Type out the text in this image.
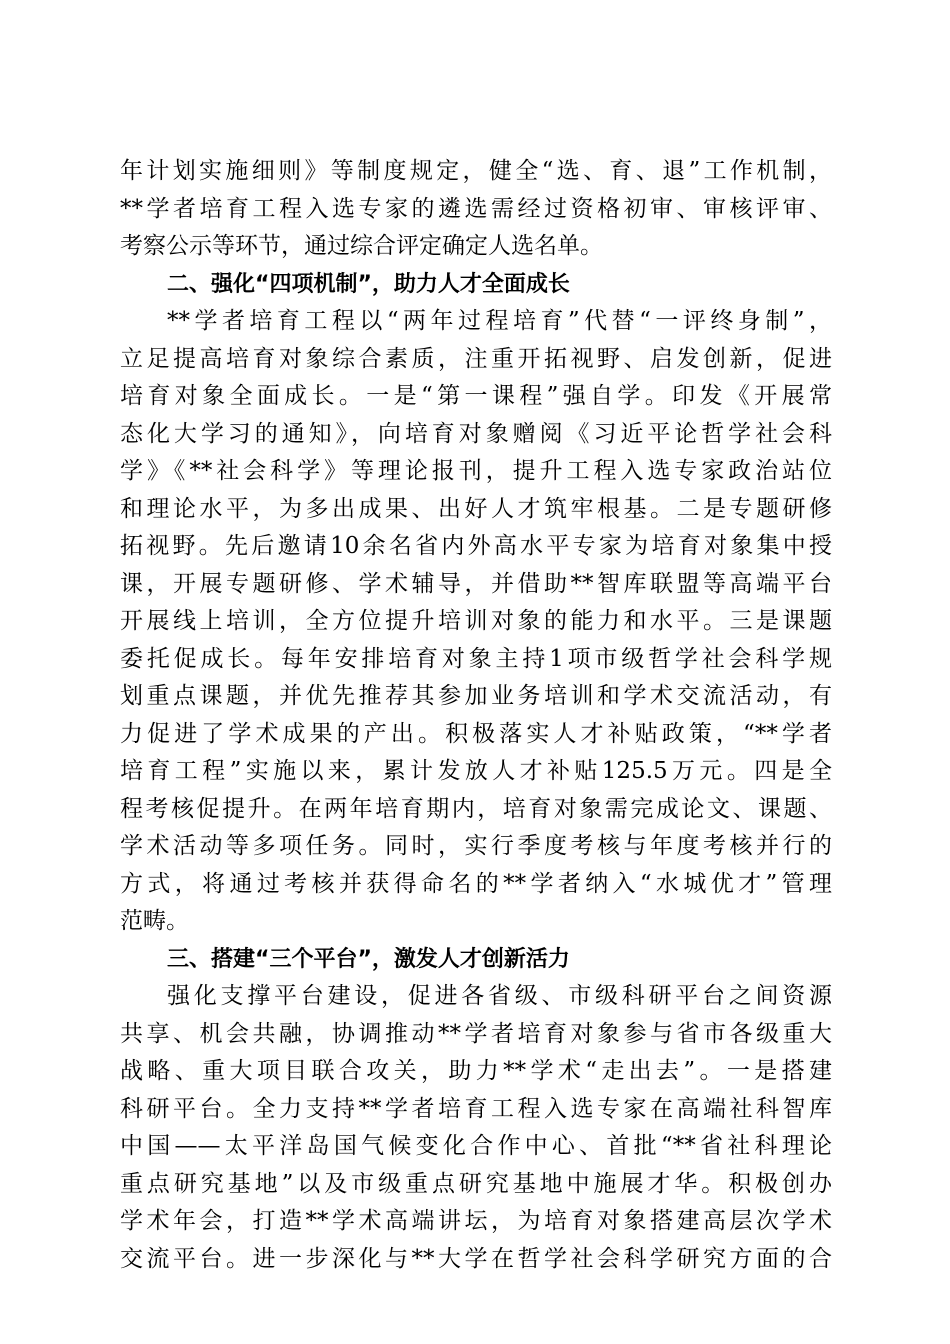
年计划实施细则》等制度规定，健全“选、育、退”工作机制，
**学者培育工程入选专家的遴选需经过资格初审、审核评审、
考察公示等环节，通过综合评定确定人选名单。
二、强化“四项机制”，助力人才全面成长
**学者培育工程以“两年过程培育”代替“一评终身制”，
立足提高培育对象综合素质，注重开拓视野、启发创新，促进
培育对象全面成长。一是“第一课程”强自学。印发《开展常
态化大学习的通知》，向培育对象赠阅《习近平论哲学社会科
学》《**社会科学》等理论报刊，提升工程入选专家政治站位
和理论水平，为多出成果、出好人才筑牢根基。二是专题研修
拓视野。先后邀请10余名省内外高水平专家为培育对象集中授
课，开展专题研修、学术辅导，并借助**智库联盟等高端平台
开展线上培训，全方位提升培训对象的能力和水平。三是课题
委托促成长。每年安排培育对象主持1项市级哲学社会科学规
划重点课题，并优先推荐其参加业务培训和学术交流活动，有
力促进了学术成果的产出。积极落实人才补贴政策，“**学者
培育工程”实施以来，累计发放人才补贴125.5万元。四是全
程考核促提升。在两年培育期内，培育对象需完成论文、课题、
学术活动等多项任务。同时，实行季度考核与年度考核并行的
方式，将通过考核并获得命名的**学者纳入“水城优才”管理
范畴。
三、搭建“三个平台”，激发人才创新活力
强化支撑平台建设，促进各省级、市级科研平台之间资源
共享、机会共融，协调推动**学者培育对象参与省市各级重大
战略、重大项目联合攻关，助力**学术“走出去”。一是搭建
科研平台。全力支持**学者培育工程入选专家在高端社科智库
中国——太平洋岛国气候变化合作中心、首批“**省社科理论
重点研究基地”以及市级重点研究基地中施展才华。积极创办
学术年会，打造**学术高端讲坛，为培育对象搭建高层次学术
交流平台。进一步深化与**大学在哲学社会科学研究方面的合
